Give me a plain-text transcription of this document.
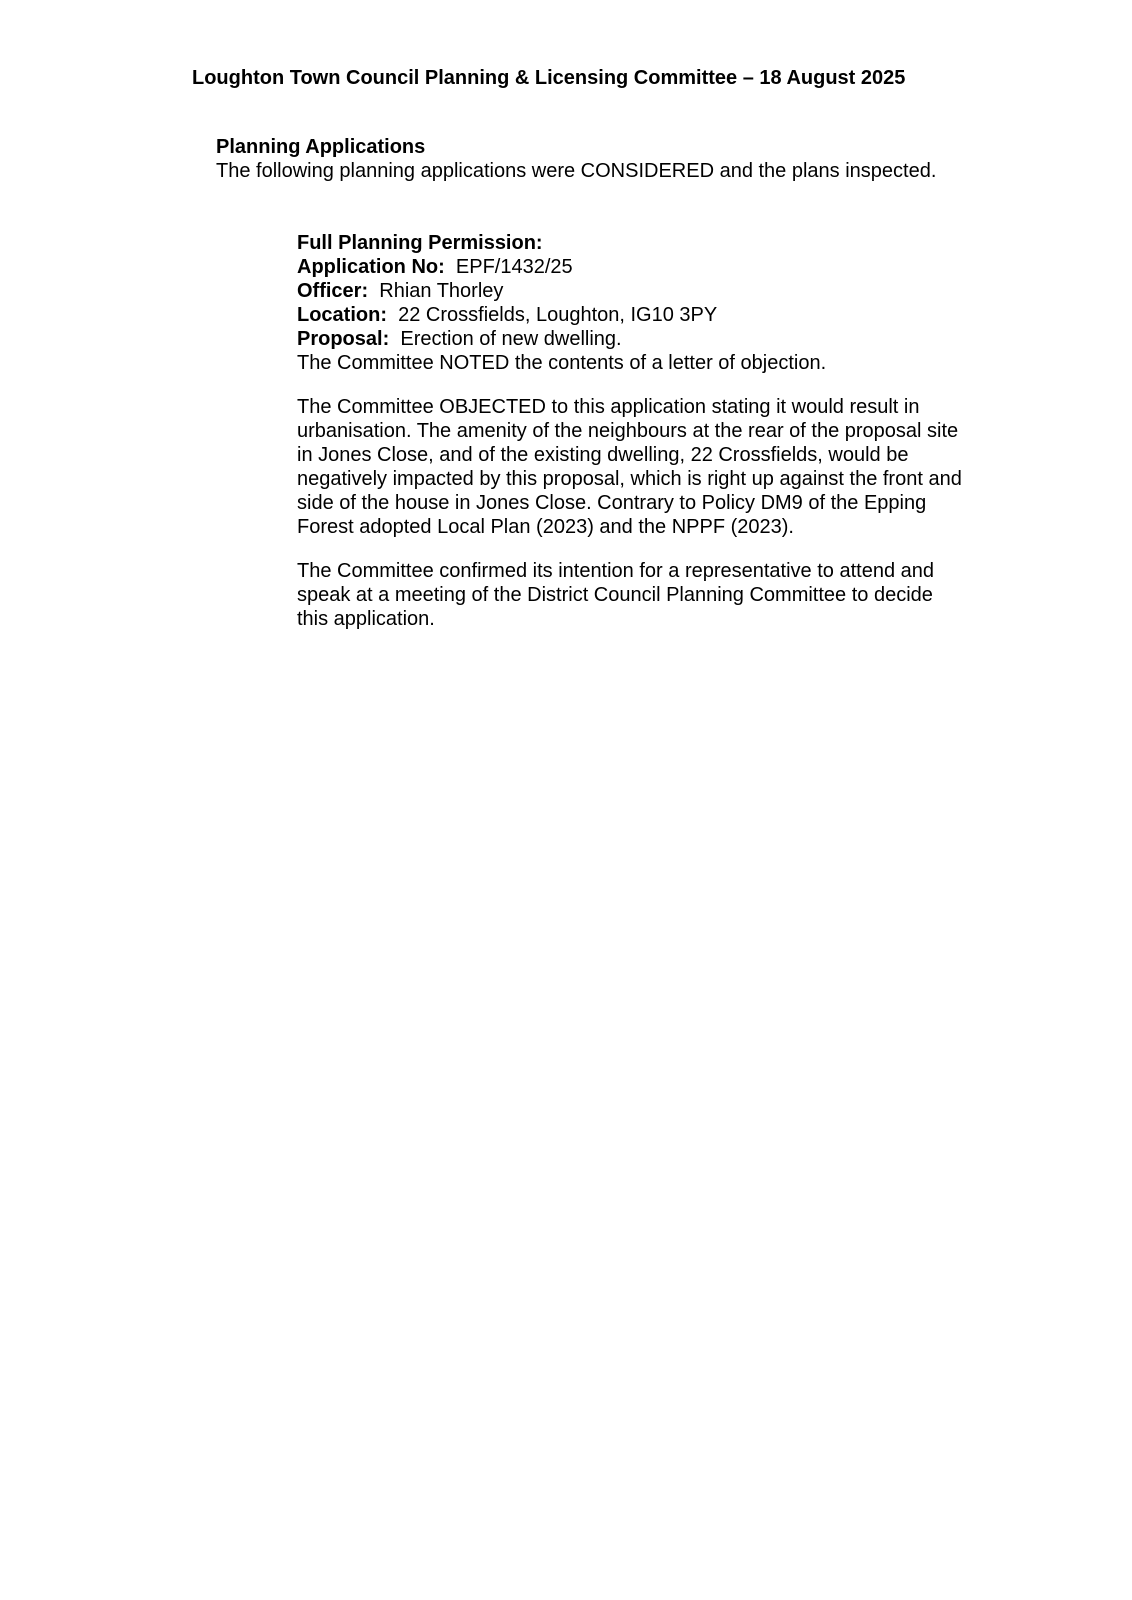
Loughton Town Council Planning & Licensing Committee – 18 August 2025

Planning Applications

The following planning applications were CONSIDERED and the plans inspected.

Full Planning Permission:

Application No: EPF/1432/25

Officer: Rhian Thorley

Location: 22 Crossfields, Loughton, IG10 3PY

Proposal: Erection of new dwelling.

The Committee NOTED the contents of a letter of objection.

The Committee OBJECTED to this application stating it would result in
urbanisation. The amenity of the neighbours at the rear of the proposal site
in Jones Close, and of the existing dwelling, 22 Crossfields, would be
negatively impacted by this proposal, which is right up against the front and
side of the house in Jones Close. Contrary to Policy DM9 of the Epping
Forest adopted Local Plan (2023) and the NPPF (2023).
The Committee confirmed its intention for a representative to attend and
speak at a meeting of the District Council Planning Committee to decide
this application.
